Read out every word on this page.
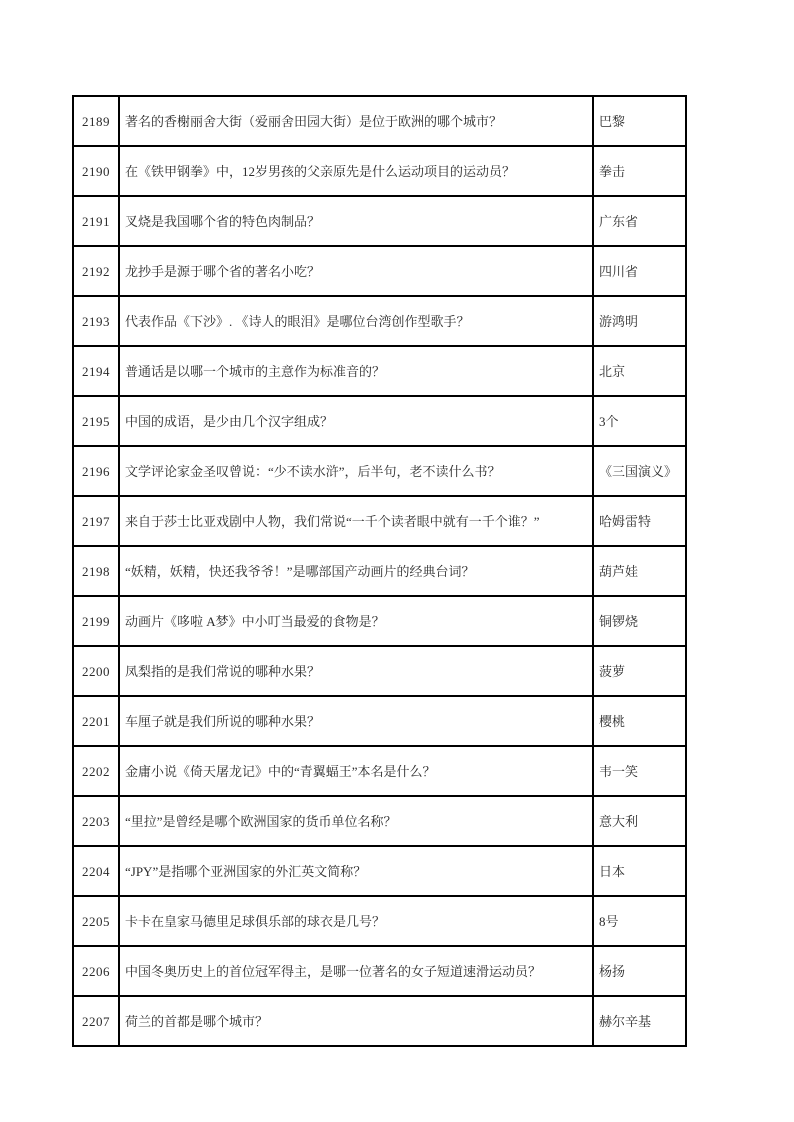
2189	著名的香榭丽舍大街（爱丽舍田园大街）是位于欧洲的哪个城市？	巴黎
2190	在《铁甲钢拳》中，12岁男孩的父亲原先是什么运动项目的运动员？	拳击
2191	叉烧是我国哪个省的特色肉制品？	广东省
2192	龙抄手是源于哪个省的著名小吃？	四川省
2193	代表作品《下沙》. 《诗人的眼泪》是哪位台湾创作型歌手？	游鸿明
2194	普通话是以哪一个城市的主意作为标准音的？	北京
2195	中国的成语，是少由几个汉字组成？	3个
2196	文学评论家金圣叹曾说：“少不读水浒”，后半句，老不读什么书？	《三国演义》
2197	来自于莎士比亚戏剧中人物，我们常说“一千个读者眼中就有一千个谁？”	哈姆雷特
2198	“妖精，妖精，快还我爷爷！”是哪部国产动画片的经典台词？	葫芦娃
2199	动画片《哆啦 A梦》中小叮当最爱的食物是？	铜锣烧
2200	凤梨指的是我们常说的哪种水果？	菠萝
2201	车厘子就是我们所说的哪种水果？	樱桃
2202	金庸小说《倚天屠龙记》中的“青翼蝠王”本名是什么？	韦一笑
2203	“里拉”是曾经是哪个欧洲国家的货币单位名称？	意大利
2204	“JPY”是指哪个亚洲国家的外汇英文简称？	日本
2205	卡卡在皇家马德里足球俱乐部的球衣是几号？	8号
2206	中国冬奥历史上的首位冠军得主，是哪一位著名的女子短道速滑运动员？	杨扬
2207	荷兰的首都是哪个城市？	赫尔辛基
